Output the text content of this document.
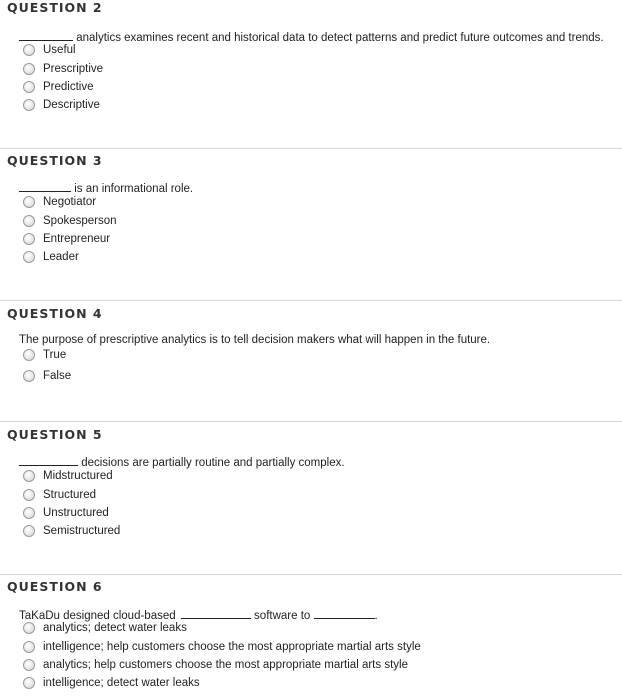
QUESTION 2
analytics examines recent and historical data to detect patterns and predict future outcomes and trends.
Useful
Prescriptive
Predictive
Descriptive
QUESTION 3
is an informational role.
Negotiator
Spokesperson
Entrepreneur
Leader
QUESTION 4
The purpose of prescriptive analytics is to tell decision makers what will happen in the future.
True
False
QUESTION 5
decisions are partially routine and partially complex.
Midstructured
Structured
Unstructured
Semistructured
QUESTION 6
TaKaDu designed cloud-based	software to	.
analytics; detect water leaks
intelligence; help customers choose the most appropriate martial arts style
analytics; help customers choose the most appropriate martial arts style
intelligence; detect water leaks
